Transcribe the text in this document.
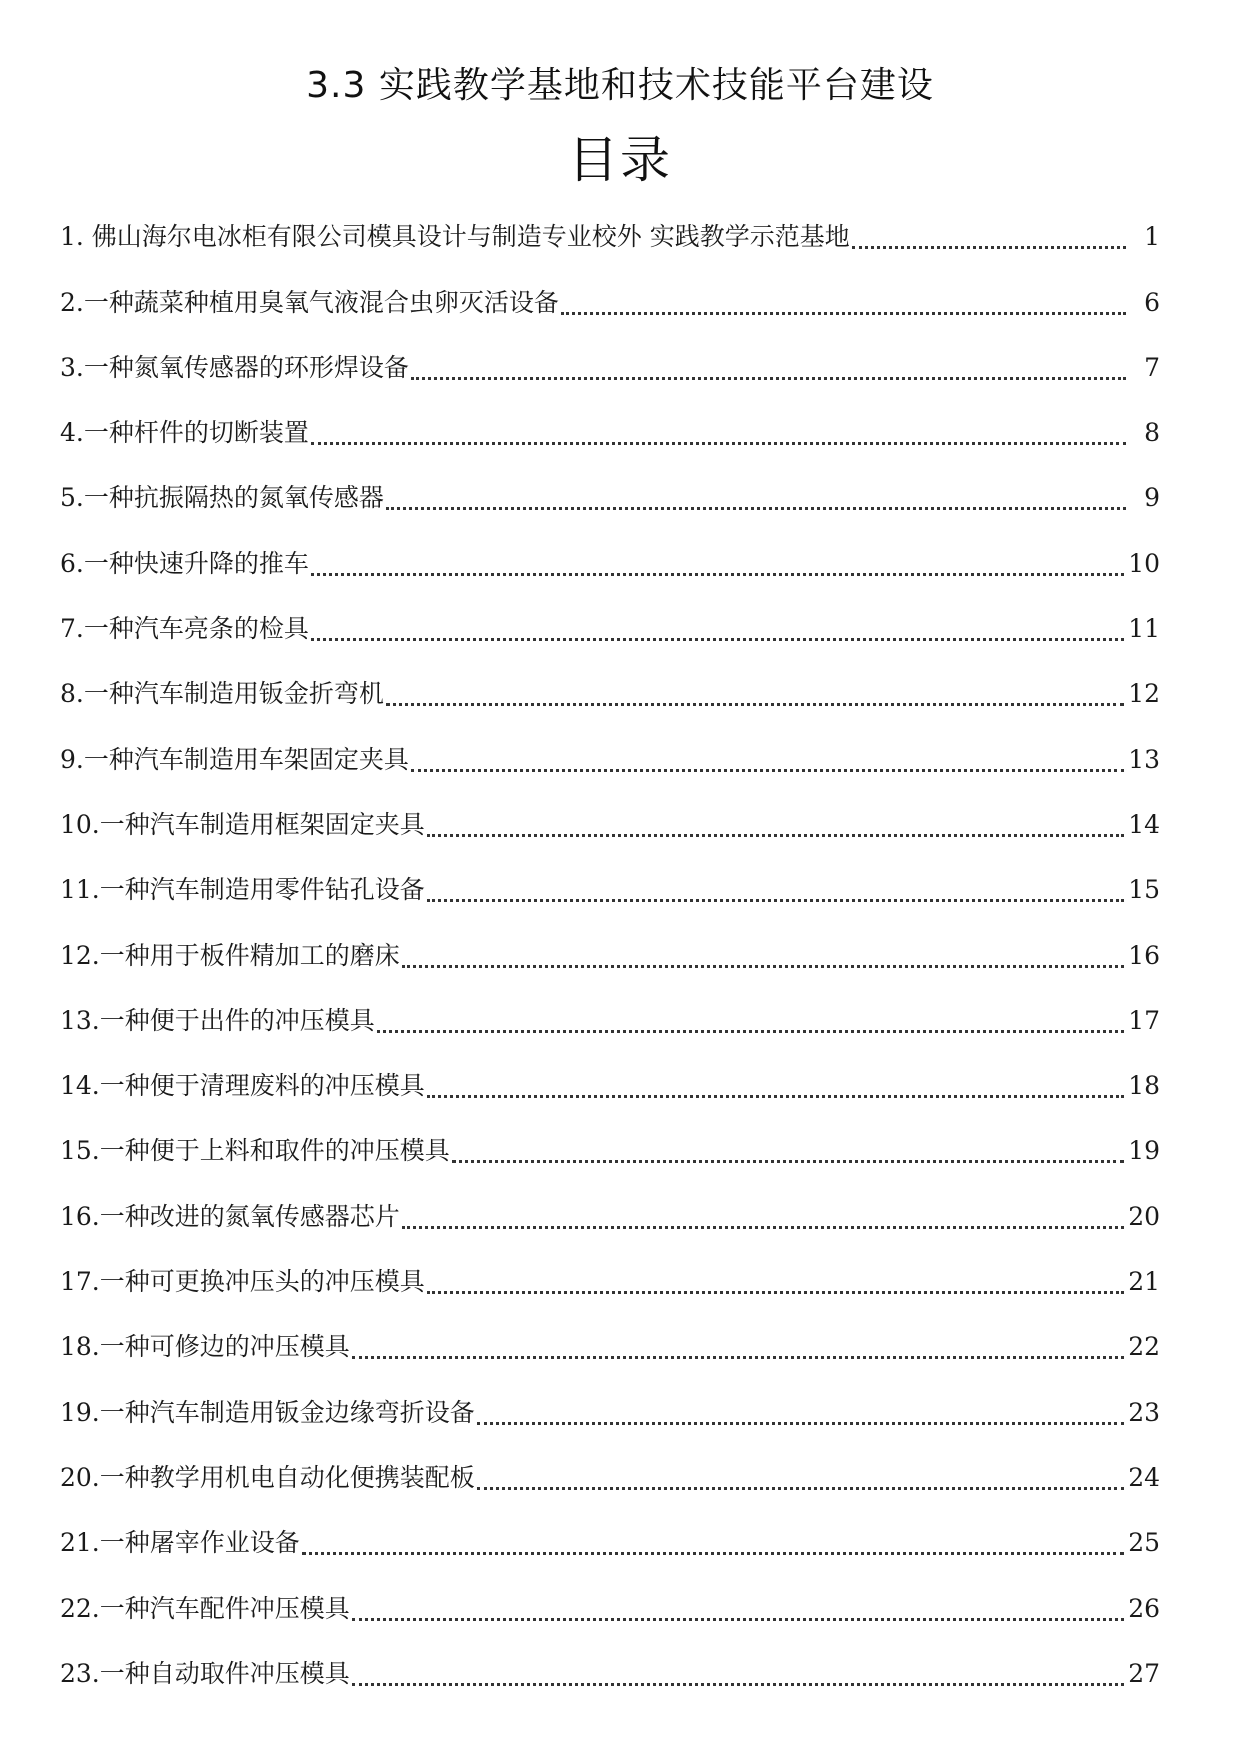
3.3 实践教学基地和技术技能平台建设
目录
1. 佛山海尔电冰柜有限公司模具设计与制造专业校外 实践教学示范基地	1
2.一种蔬菜种植用臭氧气液混合虫卵灭活设备	6
3.一种氮氧传感器的环形焊设备	7
4.一种杆件的切断装置	8
5.一种抗振隔热的氮氧传感器	9
6.一种快速升降的推车	10
7.一种汽车亮条的检具	11
8.一种汽车制造用钣金折弯机	12
9.一种汽车制造用车架固定夹具	13
10.一种汽车制造用框架固定夹具	14
11.一种汽车制造用零件钻孔设备	15
12.一种用于板件精加工的磨床	16
13.一种便于出件的冲压模具	17
14.一种便于清理废料的冲压模具	18
15.一种便于上料和取件的冲压模具	19
16.一种改进的氮氧传感器芯片	20
17.一种可更换冲压头的冲压模具	21
18.一种可修边的冲压模具	22
19.一种汽车制造用钣金边缘弯折设备	23
20.一种教学用机电自动化便携装配板	24
21.一种屠宰作业设备	25
22.一种汽车配件冲压模具	26
23.一种自动取件冲压模具	27
